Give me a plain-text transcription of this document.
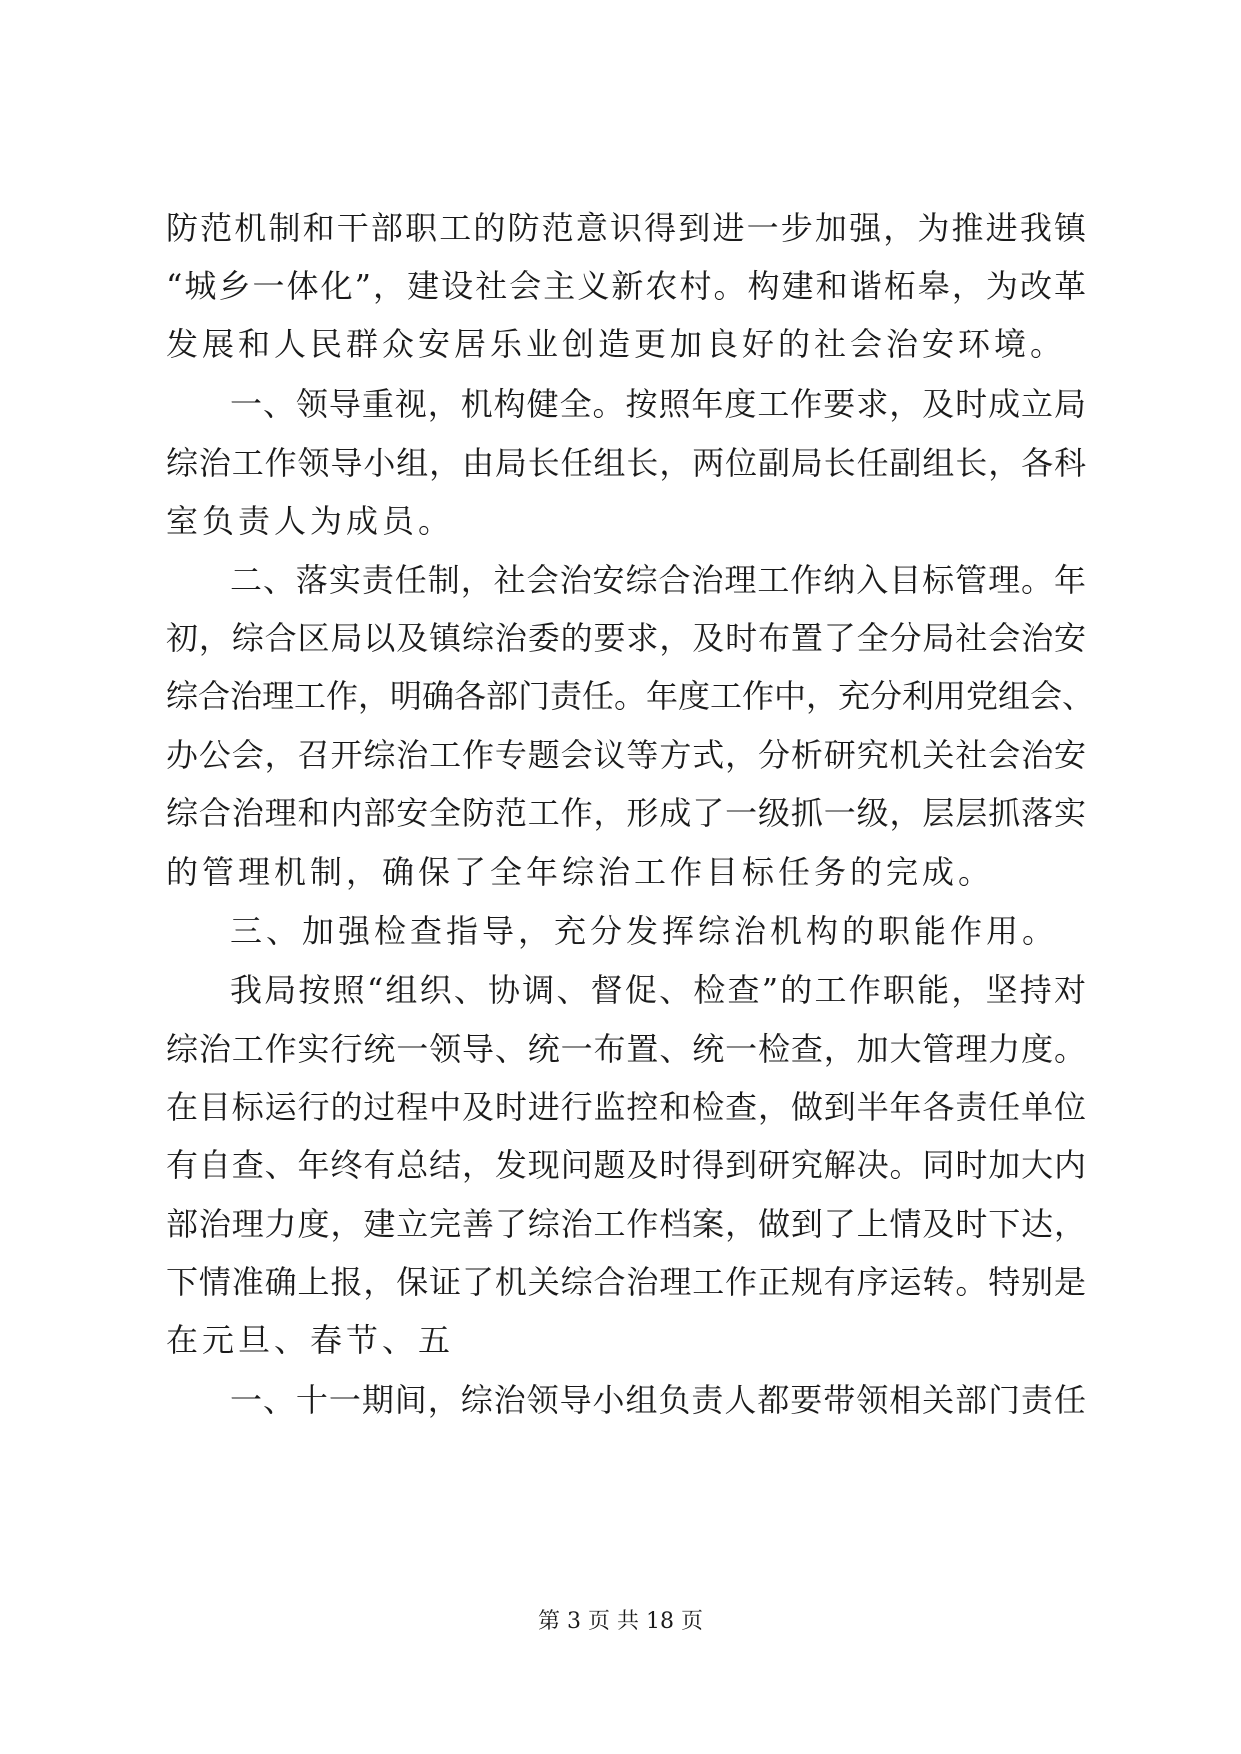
防范机制和干部职工的防范意识得到进一步加强，为推进我镇
“城乡一体化”，建设社会主义新农村。构建和谐柘皋，为改革
发展和人民群众安居乐业创造更加良好的社会治安环境。
一、领导重视，机构健全。按照年度工作要求，及时成立局
综治工作领导小组，由局长任组长，两位副局长任副组长，各科
室负责人为成员。
二、落实责任制，社会治安综合治理工作纳入目标管理。年
初，综合区局以及镇综治委的要求，及时布置了全分局社会治安
综合治理工作，明确各部门责任。年度工作中，充分利用党组会、
办公会，召开综治工作专题会议等方式，分析研究机关社会治安
综合治理和内部安全防范工作，形成了一级抓一级，层层抓落实
的管理机制，确保了全年综治工作目标任务的完成。
三、加强检查指导，充分发挥综治机构的职能作用。
我局按照“组织、协调、督促、检查”的工作职能，坚持对
综治工作实行统一领导、统一布置、统一检查，加大管理力度。
在目标运行的过程中及时进行监控和检查，做到半年各责任单位
有自查、年终有总结，发现问题及时得到研究解决。同时加大内
部治理力度，建立完善了综治工作档案，做到了上情及时下达，
下情准确上报，保证了机关综合治理工作正规有序运转。特别是
在元旦、春节、五
一、十一期间，综治领导小组负责人都要带领相关部门责任
第 3 页 共 18 页
